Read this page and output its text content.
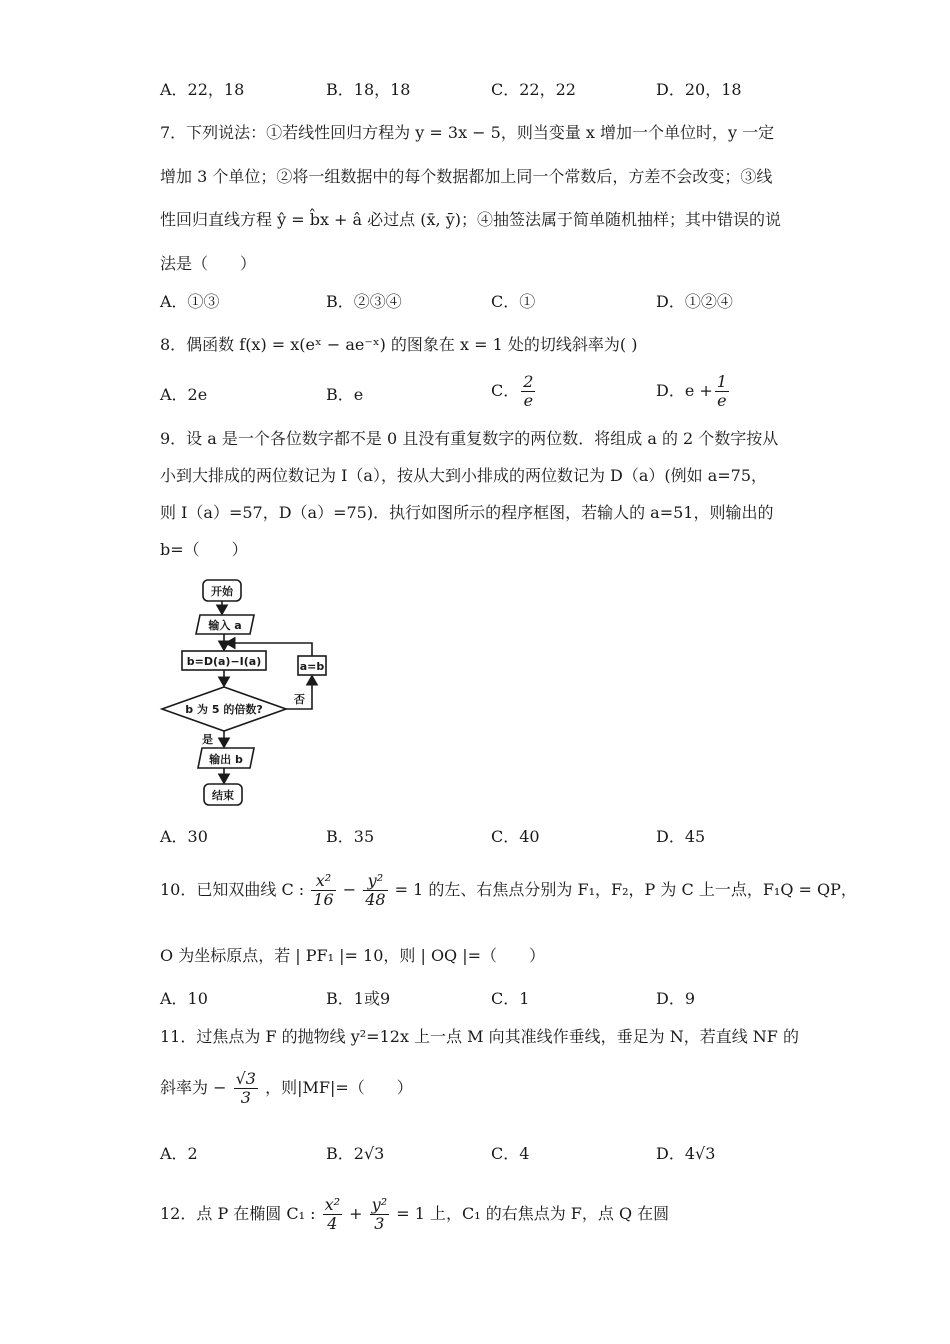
A．22，18	B．18，18	C．22，22	D．20，18
7．下列说法：①若线性回归方程为 y = 3x − 5，则当变量 x 增加一个单位时，y 一定
增加 3 个单位；②将一组数据中的每个数据都加上同一个常数后，方差不会改变；③线
性回归直线方程 ŷ = b̂x + â 必过点 (x̄, ȳ)；④抽签法属于简单随机抽样；其中错误的说
法是（　　）
A．①③	B．②③④	C．①	D．①②④
8．偶函数 f(x) = x(eˣ − ae⁻ˣ) 的图象在 x = 1 处的切线斜率为( )
A．2e	B．e	C． $\frac{2}{e}$	D．$e + \frac{1}{e}$
9．设 a 是一个各位数字都不是 0 且没有重复数字的两位数．将组成 a 的 2 个数字按从
小到大排成的两位数记为 I（a），按从大到小排成的两位数记为 D（a）(例如 a=75，
则 I（a）=57，D（a）=75)．执行如图所示的程序框图，若输人的 a=51，则输出的
b=（　　）
开始
输入 a
b=D(a)−I(a)	a=b
b 为 5 的倍数?
否
是
输出 b
结束
A．30	B．35	C．40	D．45
10．已知双曲线 C : $\frac{\text{x²}}{16} - \frac{\text{y²}}{48} = 1$ 的左、右焦点分别为 F₁，F₂，P 为 C 上一点，F₁Q = QP，
O 为坐标原点，若 | PF₁ |= 10，则 | OQ |=（　　）
A．10	B．1或9	C．1	D．9
11．过焦点为 F 的抛物线 y²=12x 上一点 M 向其准线作垂线，垂足为 N，若直线 NF 的
斜率为 − $\frac{√3}{3}$ ，则|MF|=（　　）
A．2	B．2√3	C．4	D．4√3
12．点 P 在椭圆 C₁ : $\frac{\text{x²}}{4} + \frac{\text{y²}}{3} = 1$ 上，C₁ 的右焦点为 F，点 Q 在圆
